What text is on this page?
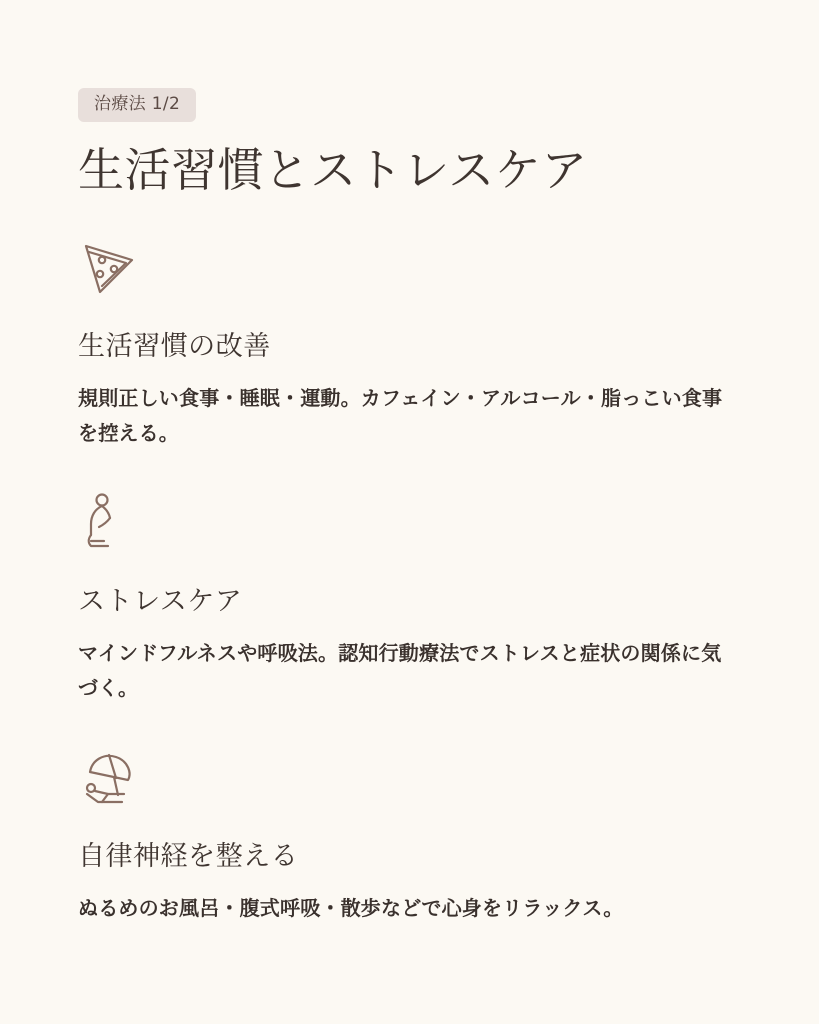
治療法 1/2
生活習慣とストレスケア
生活習慣の改善

規則正しい食事・睡眠・運動。カフェイン・アルコール・脂っこい食事を控える。

ストレスケア

マインドフルネスや呼吸法。認知行動療法でストレスと症状の関係に気づく。

自律神経を整える

ぬるめのお風呂・腹式呼吸・散歩などで心身をリラックス。
